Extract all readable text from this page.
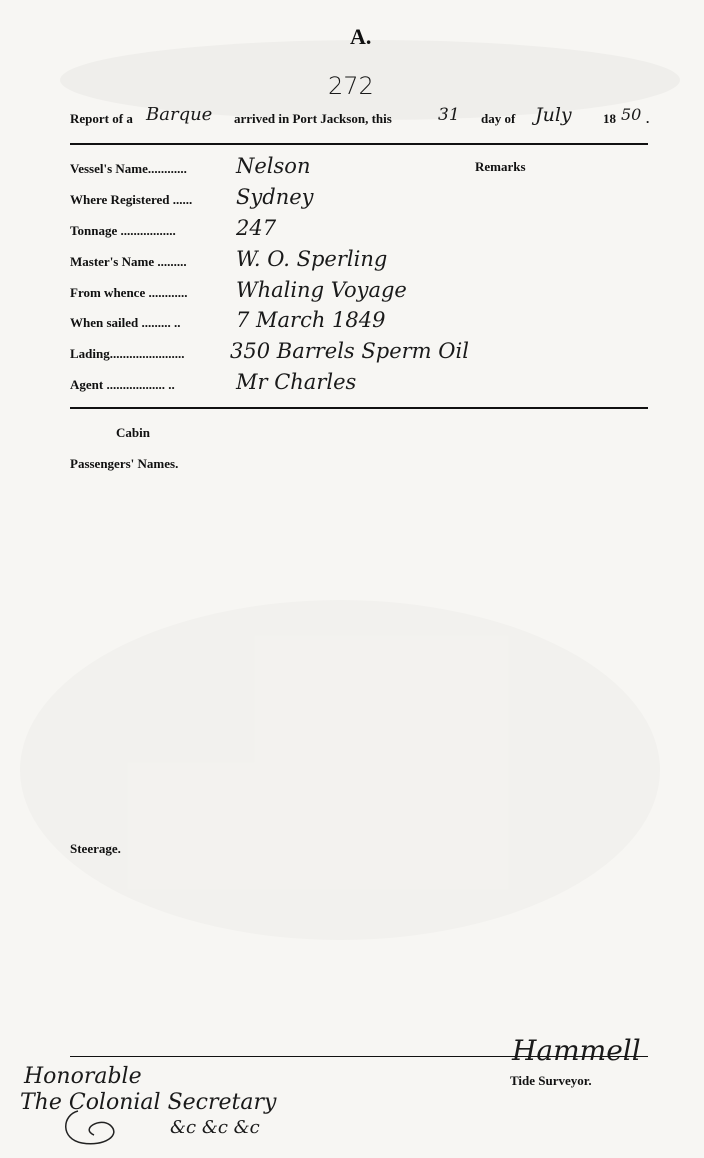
A.
272
Report of a Barque arrived in Port Jackson, this	31 day of July 18 50 .
Remarks
Vessel's Name............ Nelson
Where Registered ...... Sydney
Tonnage .................	247
Master's Name ......... W. O. Sperling
From whence ............ Whaling Voyage
When sailed ......... ..	7 March 1849
Lading....................... 350 Barrels Sperm Oil
Agent .................. ..	Mr Charles
Cabin
Passengers' Names.
Steerage.
Hammell
Tide Surveyor.
Honorable
The Colonial Secretary
&c &c &c
